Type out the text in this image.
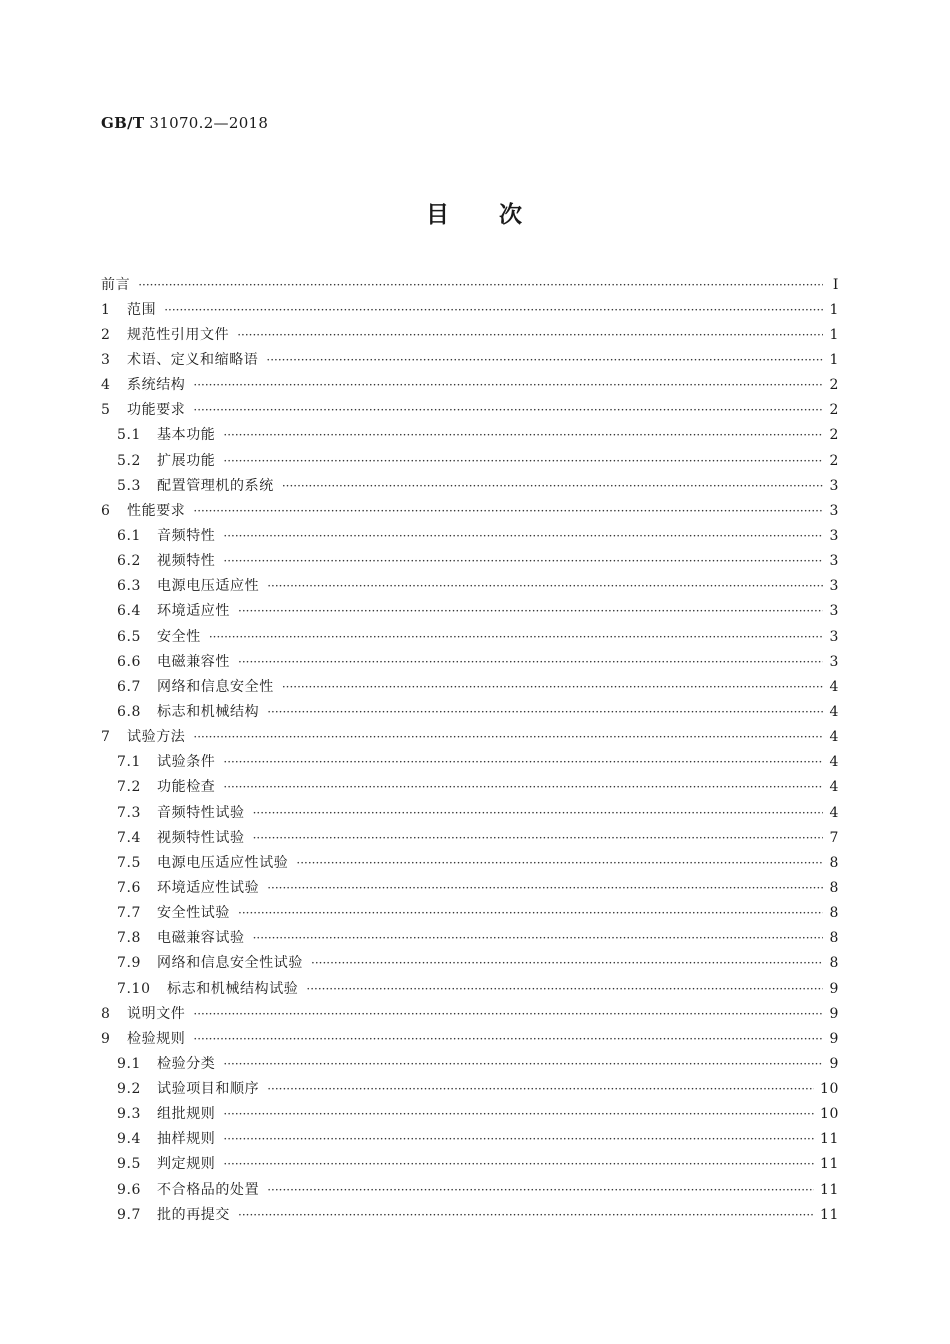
GB/T 31070.2—2018
目 次
前言 ·····	Ⅰ
1	范围 ·····	1
2	规范性引用文件 ·····	1
3	术语、定义和缩略语 ·····	1
4	系统结构 ·····	2
5	功能要求 ·····	2
5.1	基本功能 ·····	2
5.2	扩展功能 ·····	2
5.3	配置管理机的系统 ·····	3
6	性能要求 ·····	3
6.1	音频特性 ·····	3
6.2	视频特性 ·····	3
6.3	电源电压适应性 ·····	3
6.4	环境适应性 ·····	3
6.5	安全性 ·····	3
6.6	电磁兼容性 ·····	3
6.7	网络和信息安全性 ·····	4
6.8	标志和机械结构 ·····	4
7	试验方法 ·····	4
7.1	试验条件 ·····	4
7.2	功能检查 ·····	4
7.3	音频特性试验 ·····	4
7.4	视频特性试验 ·····	7
7.5	电源电压适应性试验 ·····	8
7.6	环境适应性试验 ·····	8
7.7	安全性试验 ·····	8
7.8	电磁兼容试验 ·····	8
7.9	网络和信息安全性试验 ·····	8
7.10	标志和机械结构试验 ·····	9
8	说明文件 ·····	9
9	检验规则 ·····	9
9.1	检验分类 ·····	9
9.2	试验项目和顺序 ·····	10
9.3	组批规则 ·····	10
9.4	抽样规则 ·····	11
9.5	判定规则 ·····	11
9.6	不合格品的处置 ·····	11
9.7	批的再提交 ·····	11
